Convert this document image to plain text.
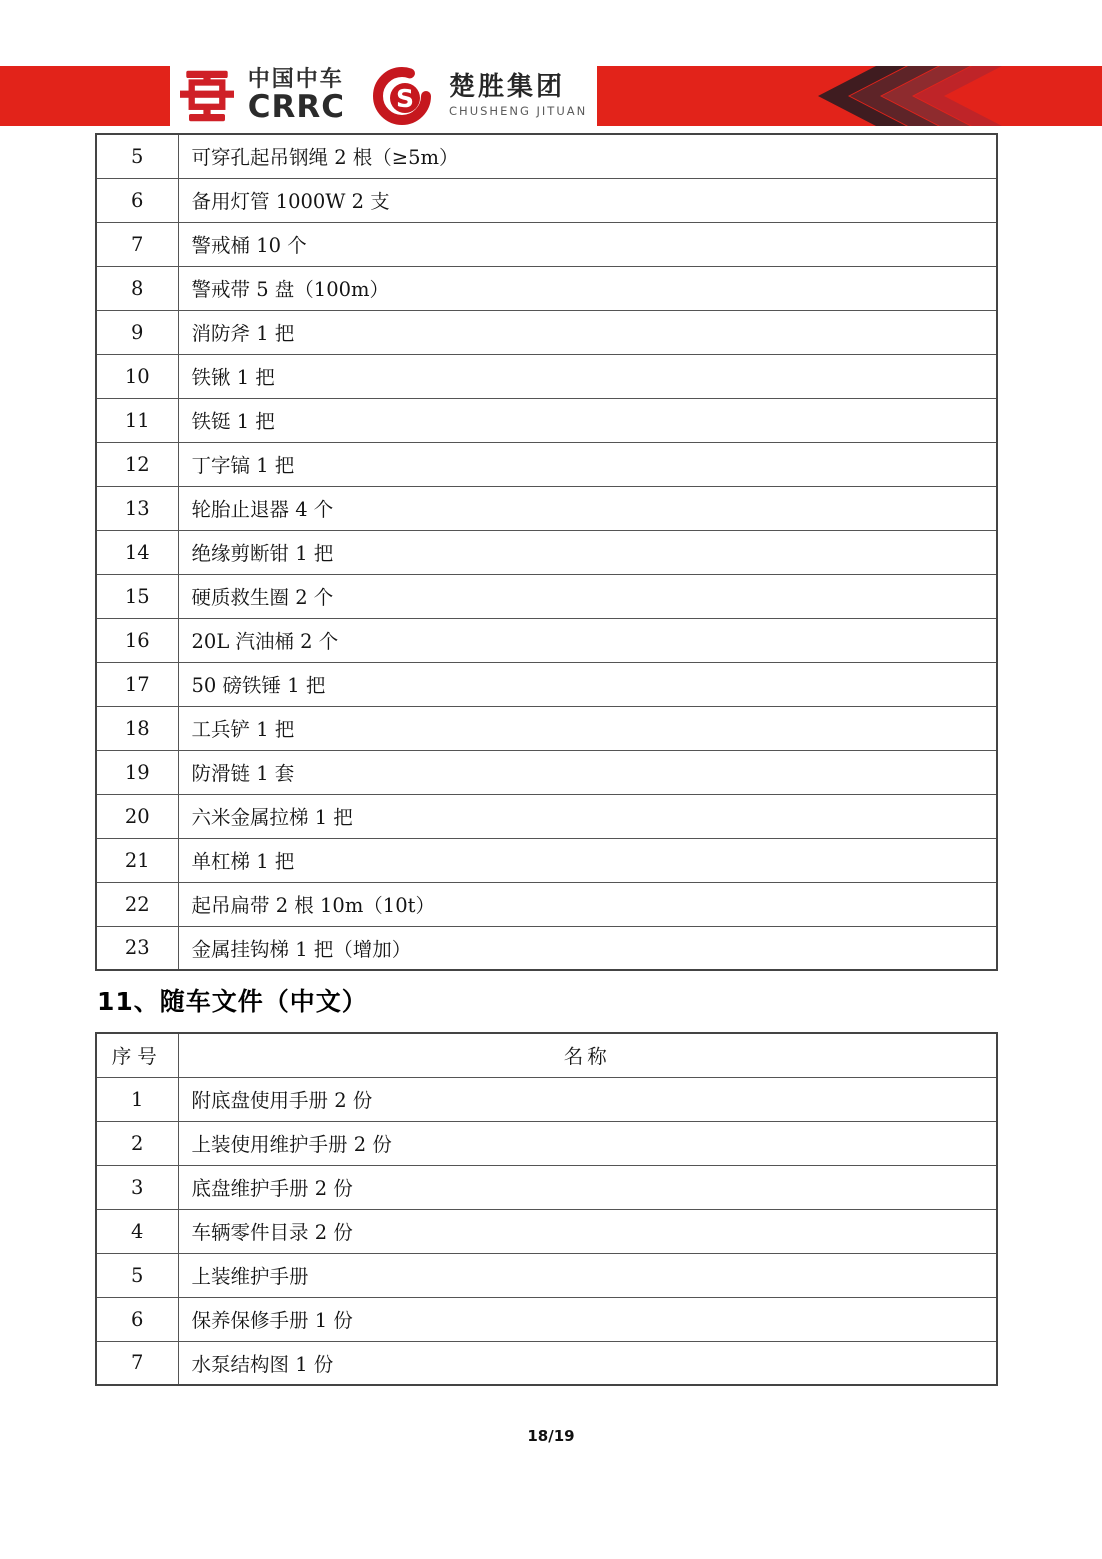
中国中车
CRRC S 楚胜集团
CHUSHENG JITUAN
5	可穿孔起吊钢绳 2 根（≥5m）
6	备用灯管 1000W 2 支
7	警戒桶 10 个
8	警戒带 5 盘（100m）
9	消防斧 1 把
10	铁锹 1 把
11	铁铤 1 把
12	丁字镐 1 把
13	轮胎止退器 4 个
14	绝缘剪断钳 1 把
15	硬质救生圈 2 个
16	20L 汽油桶 2 个
17	50 磅铁锤 1 把
18	工兵铲 1 把
19	防滑链 1 套
20	六米金属拉梯 1 把
21	单杠梯 1 把
22	起吊扁带 2 根 10m（10t）
23	金属挂钩梯 1 把（增加）
11、随车文件（中文）
序号	名称
1	附底盘使用手册 2 份
2	上装使用维护手册 2 份
3	底盘维护手册 2 份
4	车辆零件目录 2 份
5	上装维护手册
6	保养保修手册 1 份
7	水泵结构图 1 份
18/19
